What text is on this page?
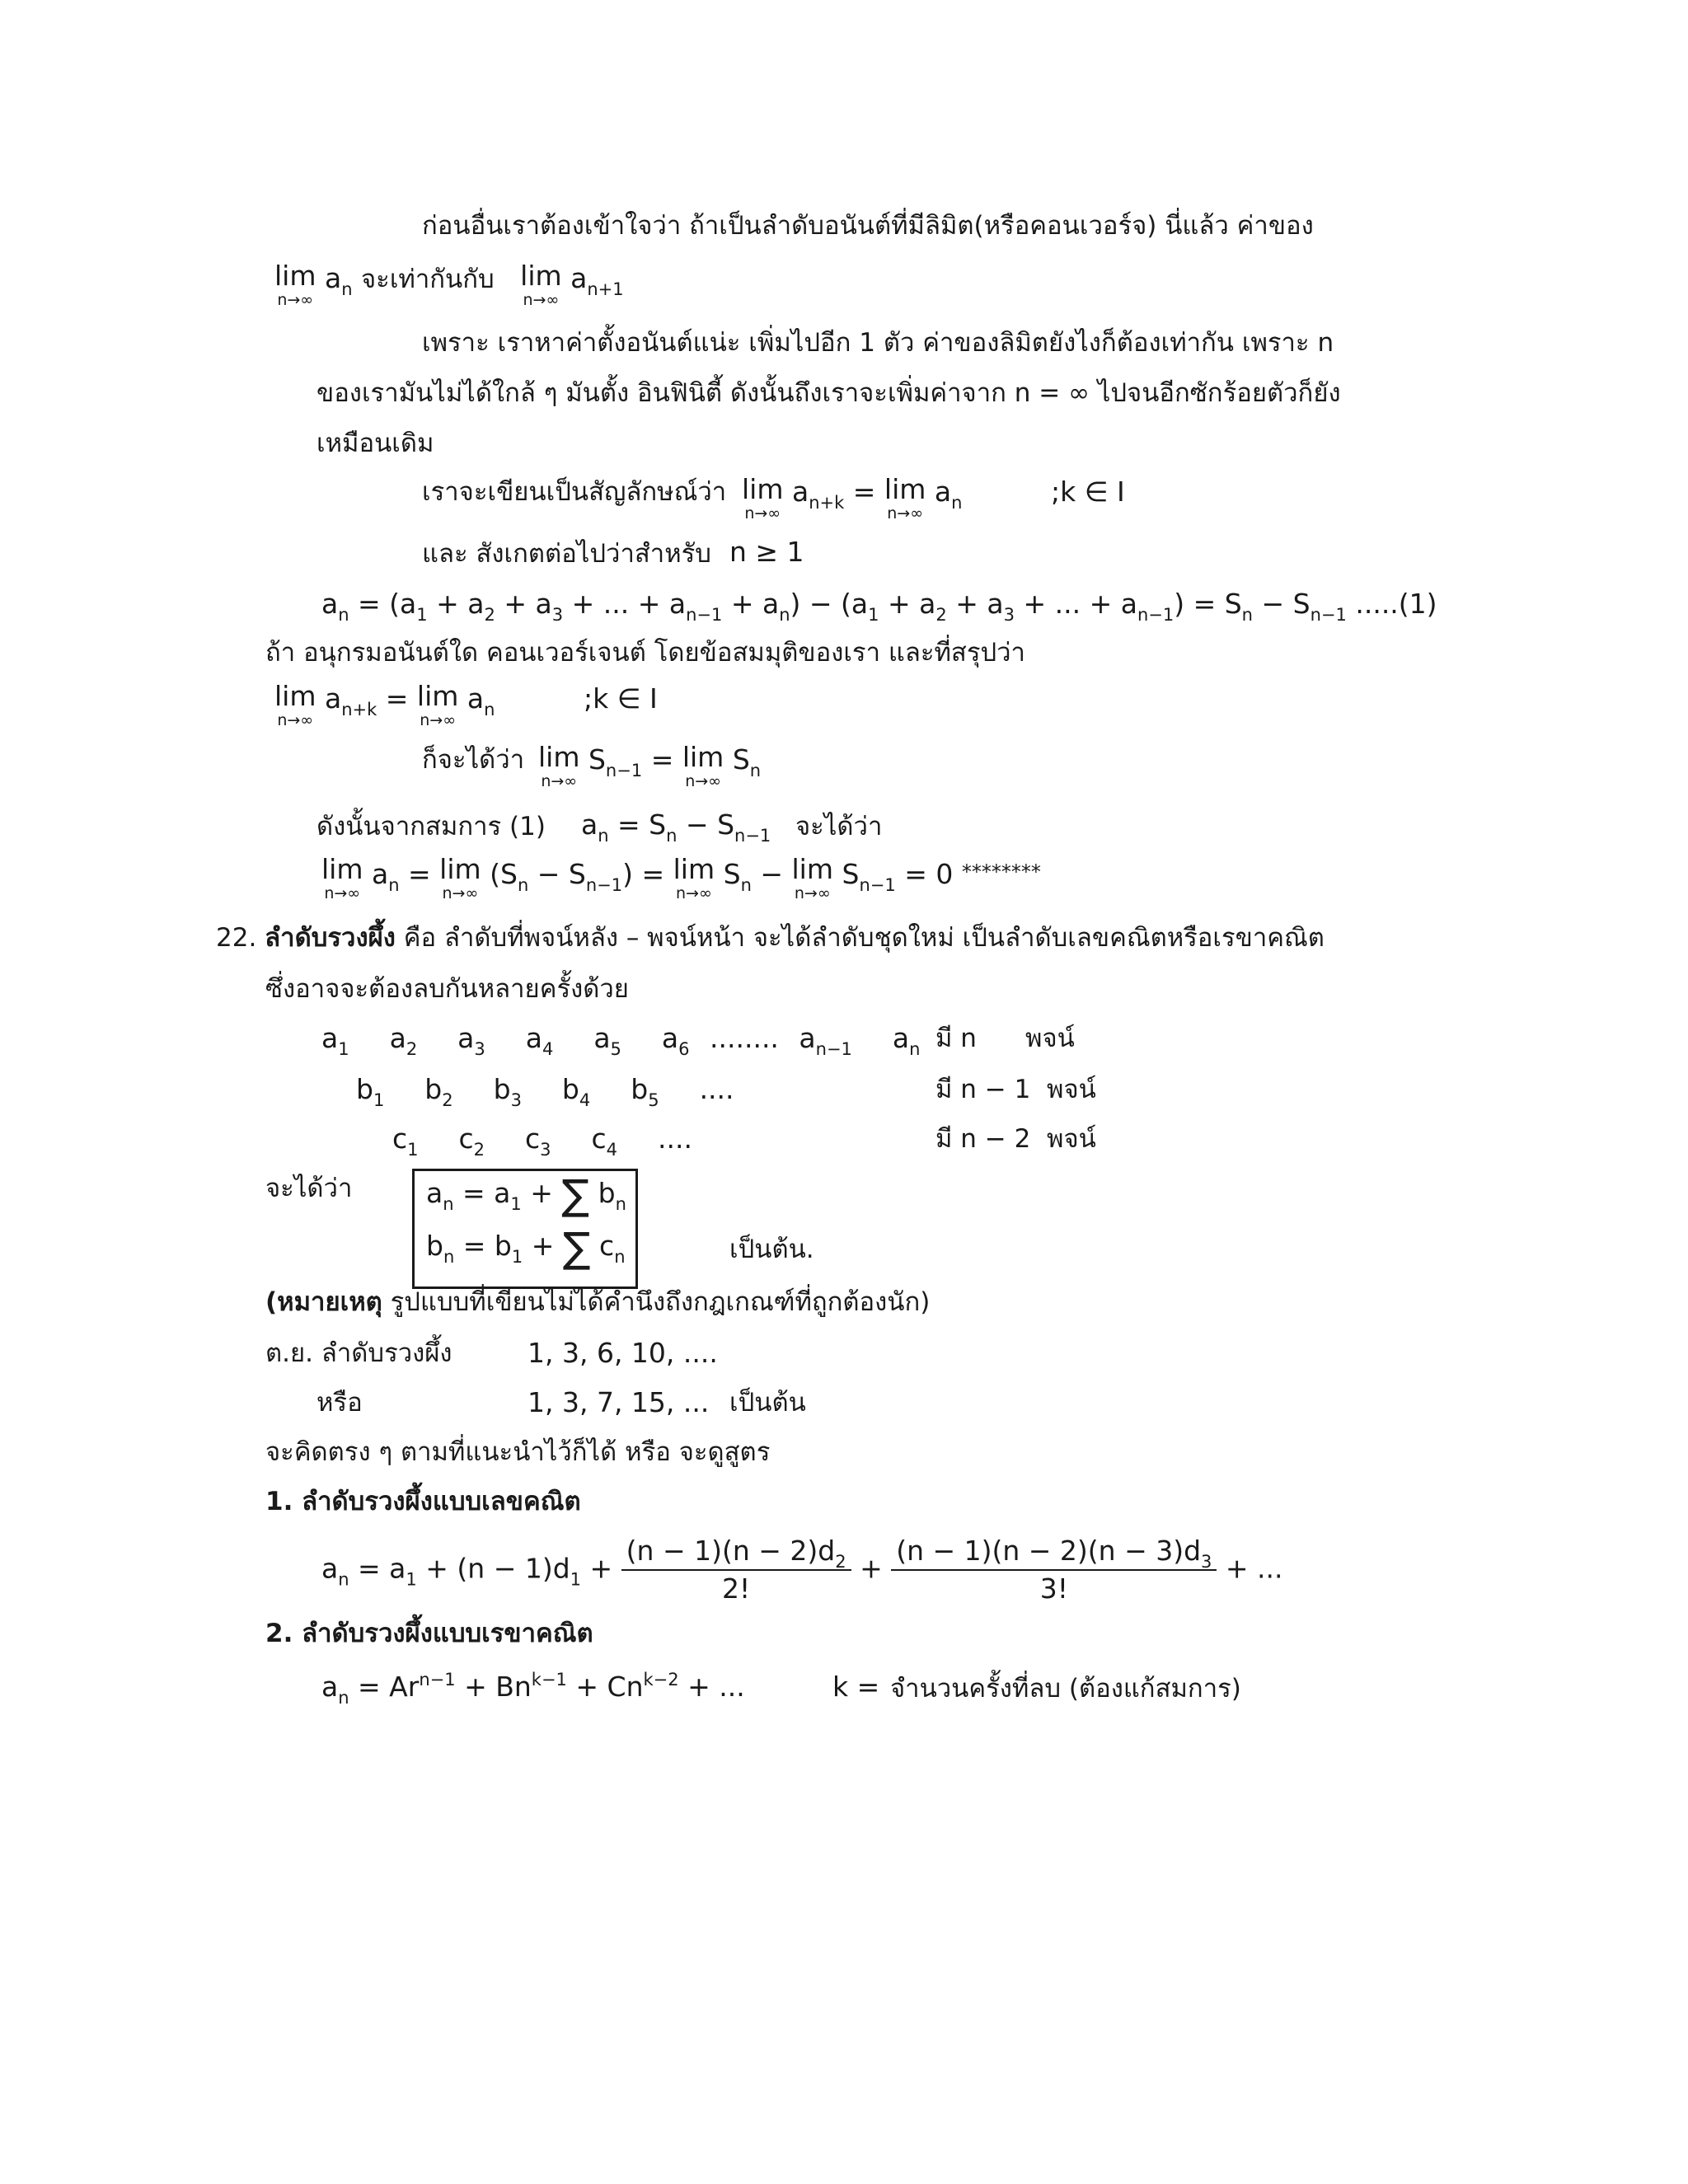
ก่อนอื่นเราต้องเข้าใจว่า ถ้าเป็นลำดับอนันต์ที่มีลิมิต(หรือคอนเวอร์จ) นี่แล้ว ค่าของ
lim
n→∞
$a_n$ จะเท่ากันกับ lim
n→∞
$a_{n+1}$
เพราะ เราหาค่าตั้งอนันต์แน่ะ เพิ่มไปอีก 1 ตัว ค่าของลิมิตยังไงก็ต้องเท่ากัน เพราะ n
ของเรามันไม่ได้ใกล้ ๆ มันตั้ง อินฟินิตี้ ดังนั้นถึงเราจะเพิ่มค่าจาก n = ∞ ไปจนอีกซักร้อยตัวก็ยัง
เหมือนเดิม
เราจะเขียนเป็นสัญลักษณ์ว่า lim
n→∞
$a_{n+k} = \lim$
n→∞
$a_n$	;k ∈ I
และ สังเกตต่อไปว่าสำหรับ n ≥ 1
$a_n = (a_1 + a_2 + a_3$ + ... + $a_{n-1} + a_n) - (a_1 + a_2 + a_3$ + ... + $a_{n-1}) = S_n - S_{n-1}$ .....(1)
ถ้า อนุกรมอนันต์ใด คอนเวอร์เจนต์ โดยข้อสมมุติของเรา และที่สรุปว่า
lim
n→∞
$a_{n+k} = \lim$
n→∞
$a_n$	;k ∈ I
ก็จะได้ว่า lim
n→∞
$S_{n-1} = \lim$
n→∞
$S_n$
ดังนั้นจากสมการ (1) $a_n = S_n - S_{n-1}$ จะได้ว่า
lim
n→∞
$a_n = \lim$
n→∞
$(S_n - S_{n-1}) = \lim$
n→∞
$S_n - \lim$
n→∞
$S_{n-1} = 0$ ********
22. ลำดับรวงผึ้ง คือ ลำดับที่พจน์หลัง – พจน์หน้า จะได้ลำดับชุดใหม่ เป็นลำดับเลขคณิตหรือเรขาคณิต
ซึ่งอาจจะต้องลบกันหลายครั้งด้วย
$a_1$  $a_2$  $a_3$  $a_4$  $a_5$  $a_6$ ........ $a_{n-1}$  $a_n$ มี n      พจน์
$b_1$  $b_2$  $b_3$  $b_4$  $b_5$ ....	มี n − 1  พจน์
$c_1$  $c_2$  $c_3$  $c_4$ ....	มี n − 2  พจน์
จะได้ว่า	$a_n = a_1$ + ∑ $b_n$
$b_n = b_1$ + ∑ $c_n$	เป็นต้น.
(หมายเหตุ รูปแบบที่เขียนไม่ได้คำนึงถึงกฎเกณฑ์ที่ถูกต้องนัก)
ต.ย. ลำดับรวงผึ้ง	1, 3, 6, 10, ....
หรือ	1, 3, 7, 15, ... เป็นต้น
จะคิดตรง ๆ ตามที่แนะนำไว้ก็ได้ หรือ จะดูสูตร
1. ลำดับรวงผึ้งแบบเลขคณิต
$a_n = a_1 + (n - 1)d_1 + \frac{(n - 1)(n - 2)d_2}{2!} + \frac{(n - 1)(n - 2)(n - 3)d_3}{3!}$ + ...
2. ลำดับรวงผึ้งแบบเรขาคณิต
$a_n = Ar^{n-1} + Bn^{k-1} + Cn^{k-2}$ + ...	k = จำนวนครั้งที่ลบ (ต้องแก้สมการ)
